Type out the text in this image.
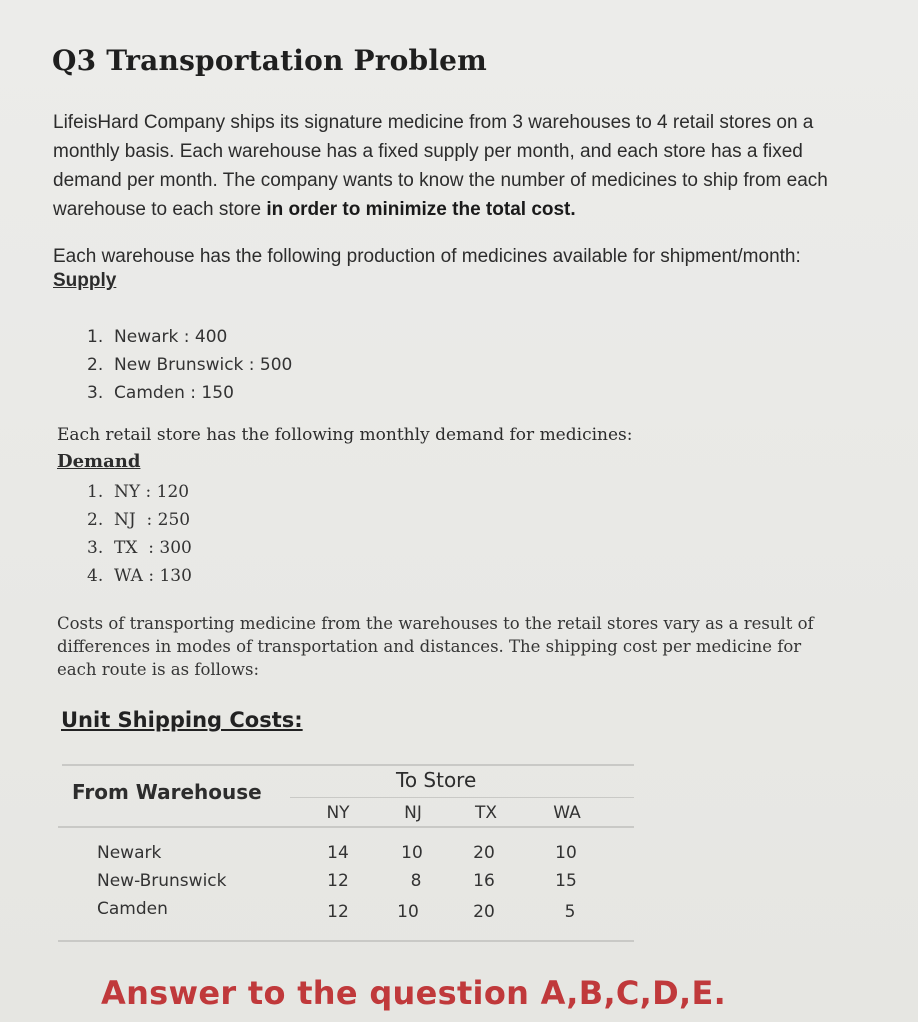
Q3 Transportation Problem
LifeisHard Company ships its signature medicine from 3 warehouses to 4 retail stores on a monthly basis. Each warehouse has a fixed supply per month, and each store has a fixed demand per month. The company wants to know the number of medicines to ship from each warehouse to each store in order to minimize the total cost.
Each warehouse has the following production of medicines available for shipment/month:
Supply
1.  Newark : 400
2.  New Brunswick : 500
3.  Camden : 150
Each retail store has the following monthly demand for medicines:
Demand
1.  NY : 120
2.  NJ  : 250
3.  TX  : 300
4.  WA : 130
Costs of transporting medicine from the warehouses to the retail stores vary as a result of differences in modes of transportation and distances. The shipping cost per medicine for each route is as follows:
Unit Shipping Costs:
From Warehouse	To Store
NY	NJ	TX	WA
Newark	14	10	20	10
New-Brunswick	12	8	16	15
Camden	12	10	20	5
Answer to the question A,B,C,D,E.
